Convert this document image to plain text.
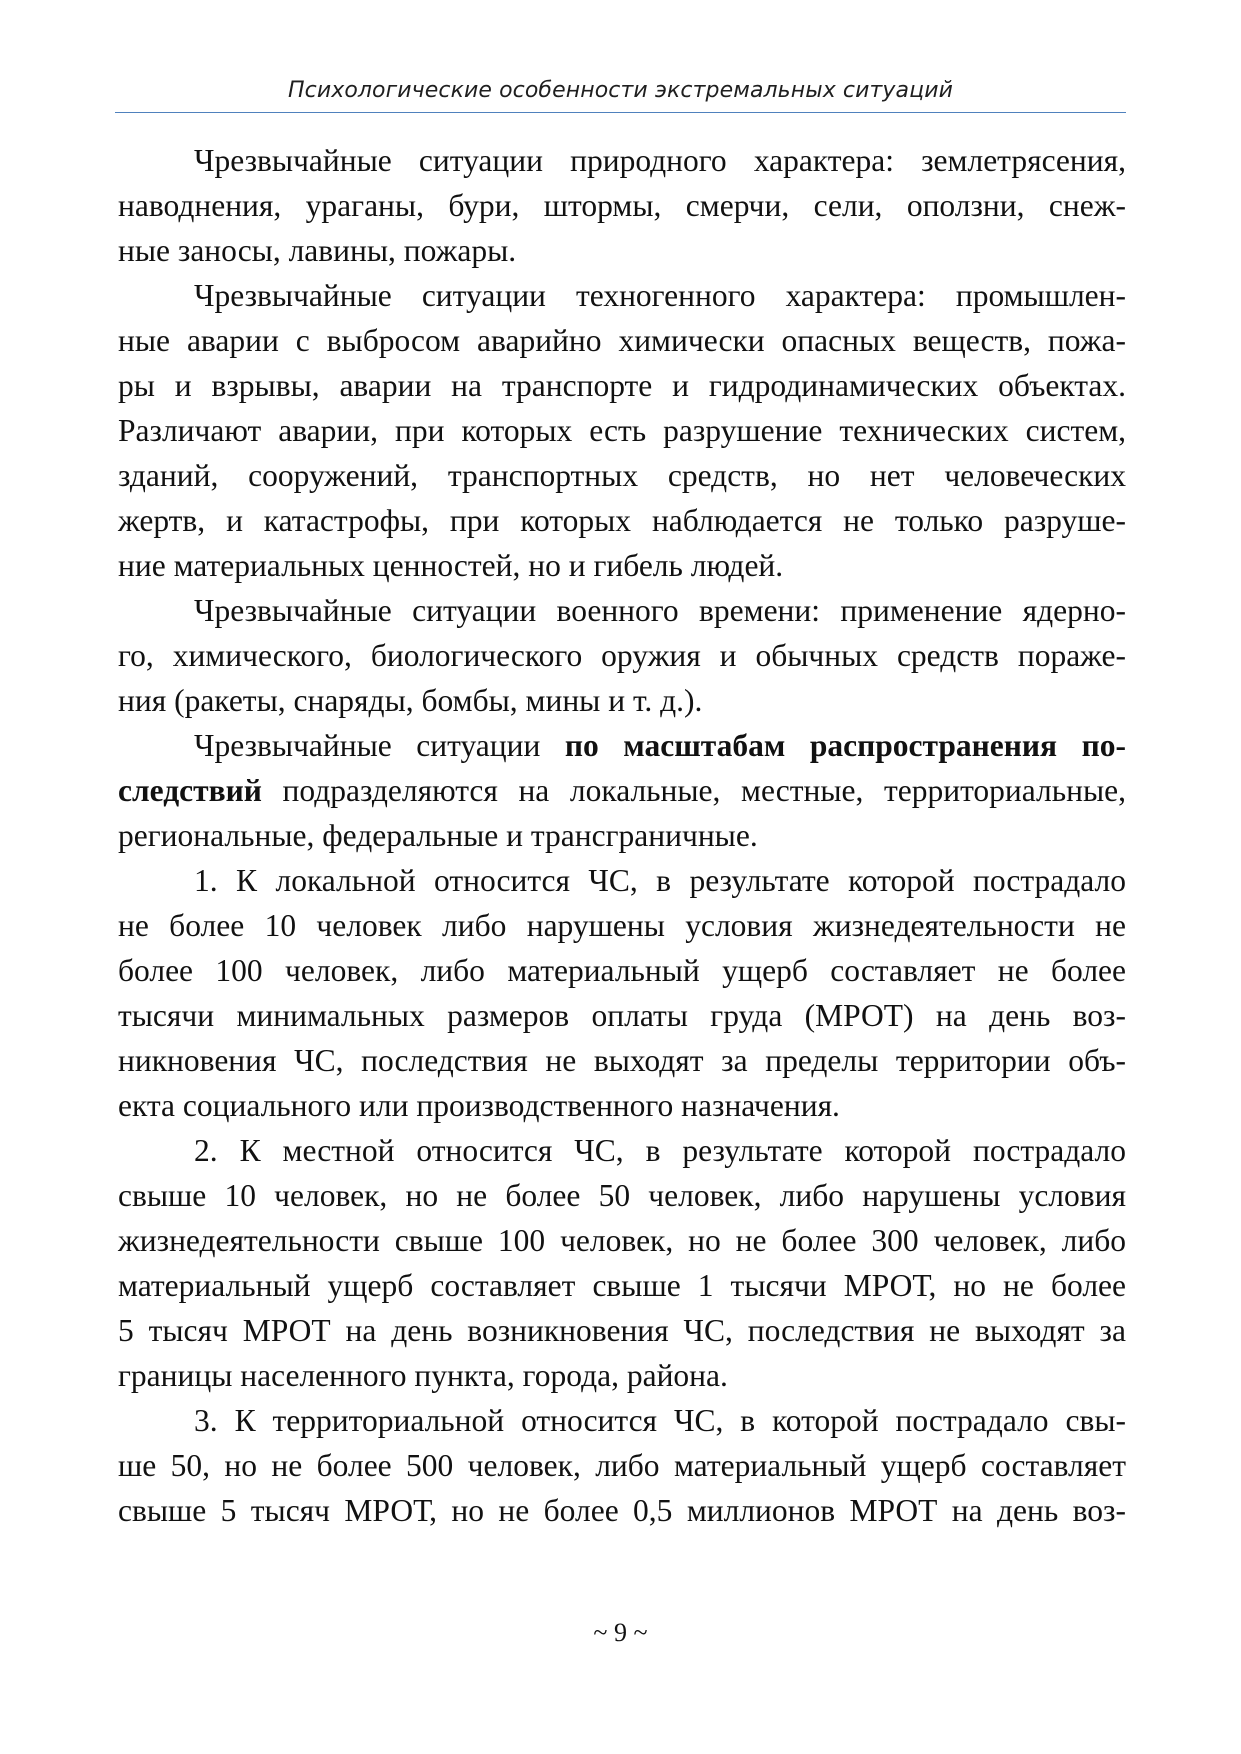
Психологические особенности экстремальных ситуаций
Чрезвычайные ситуации природного характера: землетрясения,
наводнения, ураганы, бури, штормы, смерчи, сели, оползни, снеж-
ные заносы, лавины, пожары.
Чрезвычайные ситуации техногенного характера: промышлен-
ные аварии с выбросом аварийно химически опасных веществ, пожа-
ры и взрывы, аварии на транспорте и гидродинамических объектах.
Различают аварии, при которых есть разрушение технических систем,
зданий, сооружений, транспортных средств, но нет человеческих
жертв, и катастрофы, при которых наблюдается не только разруше-
ние материальных ценностей, но и гибель людей.
Чрезвычайные ситуации военного времени: применение ядерно-
го, химического, биологического оружия и обычных средств пораже-
ния (ракеты, снаряды, бомбы, мины и т. д.).
Чрезвычайные ситуации по масштабам распространения по-
следствий подразделяются на локальные, местные, территориальные,
региональные, федеральные и трансграничные.
1. К локальной относится ЧС, в результате которой пострадало
не более 10 человек либо нарушены условия жизнедеятельности не
более 100 человек, либо материальный ущерб составляет не более
тысячи минимальных размеров оплаты груда (МРОТ) на день воз-
никновения ЧС, последствия не выходят за пределы территории объ-
екта социального или производственного назначения.
2. К местной относится ЧС, в результате которой пострадало
свыше 10 человек, но не более 50 человек, либо нарушены условия
жизнедеятельности свыше 100 человек, но не более 300 человек, либо
материальный ущерб составляет свыше 1 тысячи МРОТ, но не более
5 тысяч МРОТ на день возникновения ЧС, последствия не выходят за
границы населенного пункта, города, района.
3. К территориальной относится ЧС, в которой пострадало свы-
ше 50, но не более 500 человек, либо материальный ущерб составляет
свыше 5 тысяч МРОТ, но не более 0,5 миллионов МРОТ на день воз-
~ 9 ~
